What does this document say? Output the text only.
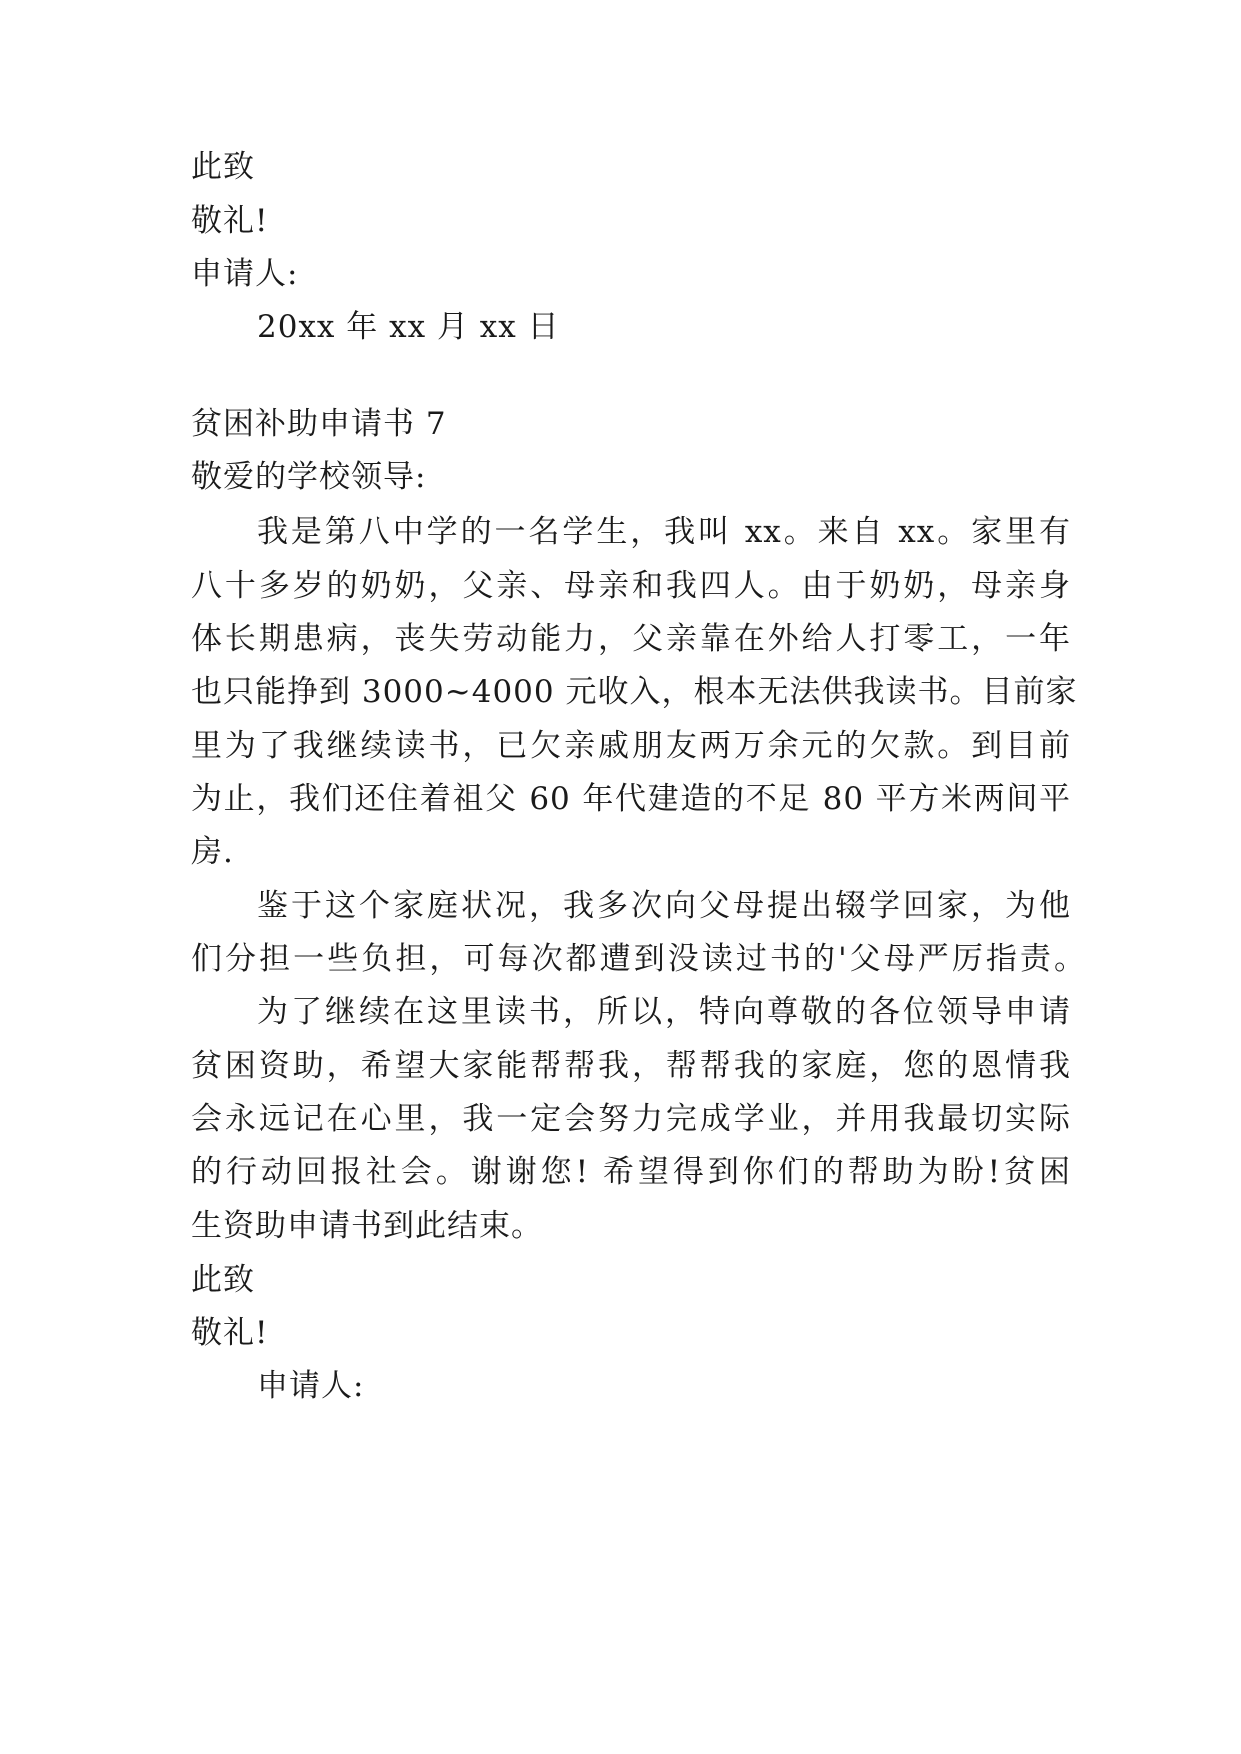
此致
敬礼!
申请人:
20xx 年 xx 月 xx 日
贫困补助申请书 7
敬爱的学校领导:
我是第八中学的一名学生，我叫 xx。来自 xx。家里有
八十多岁的奶奶，父亲、母亲和我四人。由于奶奶，母亲身
体长期患病，丧失劳动能力，父亲靠在外给人打零工，一年
也只能挣到 3000~4000 元收入，根本无法供我读书。目前家
里为了我继续读书，已欠亲戚朋友两万余元的欠款。到目前
为止，我们还住着祖父 60 年代建造的不足 80 平方米两间平
房.
鉴于这个家庭状况，我多次向父母提出辍学回家，为他
们分担一些负担，可每次都遭到没读过书的'父母严厉指责。
为了继续在这里读书，所以，特向尊敬的各位领导申请
贫困资助，希望大家能帮帮我，帮帮我的家庭，您的恩情我
会永远记在心里，我一定会努力完成学业，并用我最切实际
的行动回报社会。谢谢您! 希望得到你们的帮助为盼!贫困
生资助申请书到此结束。
此致
敬礼!
申请人:
